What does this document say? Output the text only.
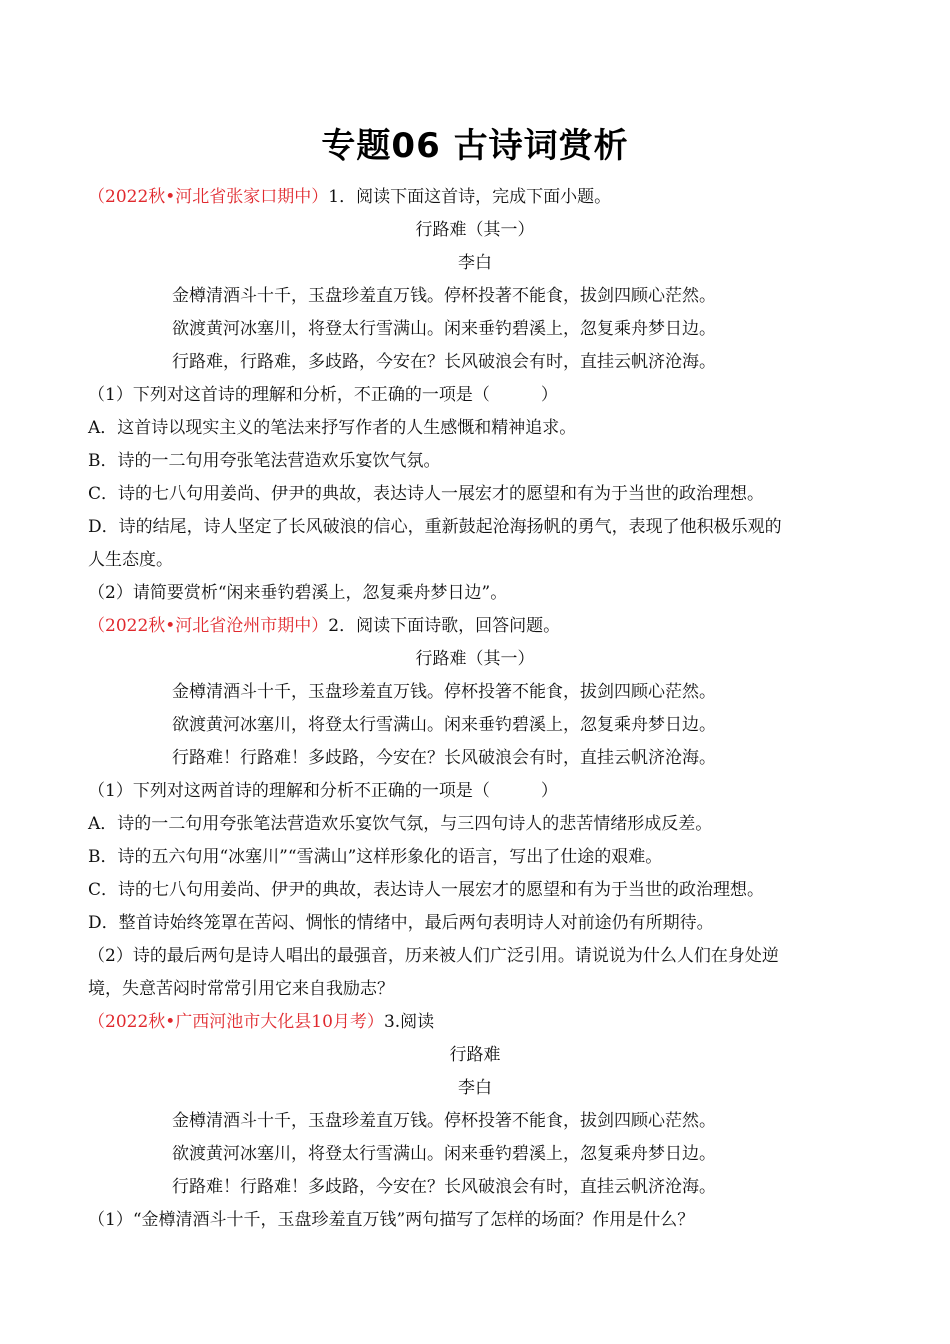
专题06 古诗词赏析
（2022秋•河北省张家口期中）1．阅读下面这首诗，完成下面小题。
行路难（其一）
李白
金樽清酒斗十千，玉盘珍羞直万钱。停杯投著不能食，拔剑四顾心茫然。
欲渡黄河冰塞川，将登太行雪满山。闲来垂钓碧溪上，忽复乘舟梦日边。
行路难，行路难，多歧路，今安在？长风破浪会有时，直挂云帆济沧海。
（1）下列对这首诗的理解和分析，不正确的一项是（　　　）
A．这首诗以现实主义的笔法来抒写作者的人生感慨和精神追求。
B．诗的一二句用夸张笔法营造欢乐宴饮气氛。
C．诗的七八句用姜尚、伊尹的典故，表达诗人一展宏才的愿望和有为于当世的政治理想。
D．诗的结尾，诗人坚定了长风破浪的信心，重新鼓起沧海扬帆的勇气，表现了他积极乐观的
人生态度。
（2）请简要赏析“闲来垂钓碧溪上，忽复乘舟梦日边”。
（2022秋•河北省沧州市期中）2．阅读下面诗歌，回答问题。
行路难（其一）
金樽清酒斗十千，玉盘珍羞直万钱。停杯投箸不能食，拔剑四顾心茫然。
欲渡黄河冰塞川，将登太行雪满山。闲来垂钓碧溪上，忽复乘舟梦日边。
行路难！行路难！多歧路，今安在？长风破浪会有时，直挂云帆济沧海。
（1）下列对这两首诗的理解和分析不正确的一项是（　　　）
A．诗的一二句用夸张笔法营造欢乐宴饮气氛，与三四句诗人的悲苦情绪形成反差。
B．诗的五六句用“冰塞川”“雪满山”这样形象化的语言，写出了仕途的艰难。
C．诗的七八句用姜尚、伊尹的典故，表达诗人一展宏才的愿望和有为于当世的政治理想。
D．整首诗始终笼罩在苦闷、惆怅的情绪中，最后两句表明诗人对前途仍有所期待。
（2）诗的最后两句是诗人唱出的最强音，历来被人们广泛引用。请说说为什么人们在身处逆
境，失意苦闷时常常引用它来自我励志？
（2022秋•广西河池市大化县10月考）3.阅读
行路难
李白
金樽清酒斗十千，玉盘珍羞直万钱。停杯投箸不能食，拔剑四顾心茫然。
欲渡黄河冰塞川，将登太行雪满山。闲来垂钓碧溪上，忽复乘舟梦日边。
行路难！行路难！多歧路，今安在？长风破浪会有时，直挂云帆济沧海。
（1）“金樽清酒斗十千，玉盘珍羞直万钱”两句描写了怎样的场面？作用是什么？
